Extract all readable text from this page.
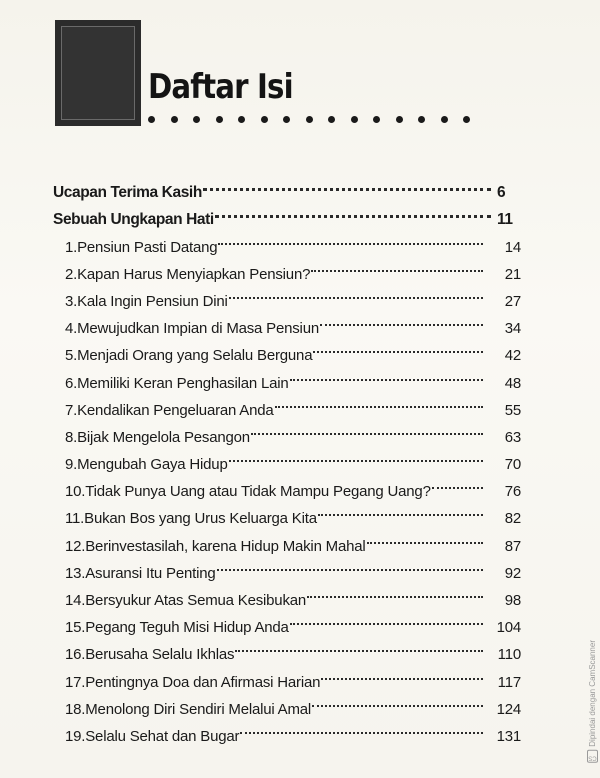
Daftar Isi
Ucapan Terima Kasih	6
Sebuah Ungkapan Hati	11
1.Pensiun Pasti Datang	14
2.Kapan Harus Menyiapkan Pensiun?	21
3.Kala Ingin Pensiun Dini	27
4.Mewujudkan Impian di Masa Pensiun	34
5.Menjadi Orang yang Selalu Berguna	42
6.Memiliki Keran Penghasilan Lain	48
7.Kendalikan Pengeluaran Anda	55
8.Bijak Mengelola Pesangon	63
9.Mengubah Gaya Hidup	70
10.Tidak Punya Uang atau Tidak Mampu Pegang Uang?	76
11.Bukan Bos yang Urus Keluarga Kita	82
12.Berinvestasilah, karena Hidup Makin Mahal	87
13.Asuransi Itu Penting	92
14.Bersyukur Atas Semua Kesibukan	98
15.Pegang Teguh Misi Hidup Anda	104
16.Berusaha Selalu Ikhlas	110
17.Pentingnya Doa dan Afirmasi Harian	117
18.Menolong Diri Sendiri Melalui Amal	124
19.Selalu Sehat dan Bugar	131
CS
Dipindai dengan CamScanner
